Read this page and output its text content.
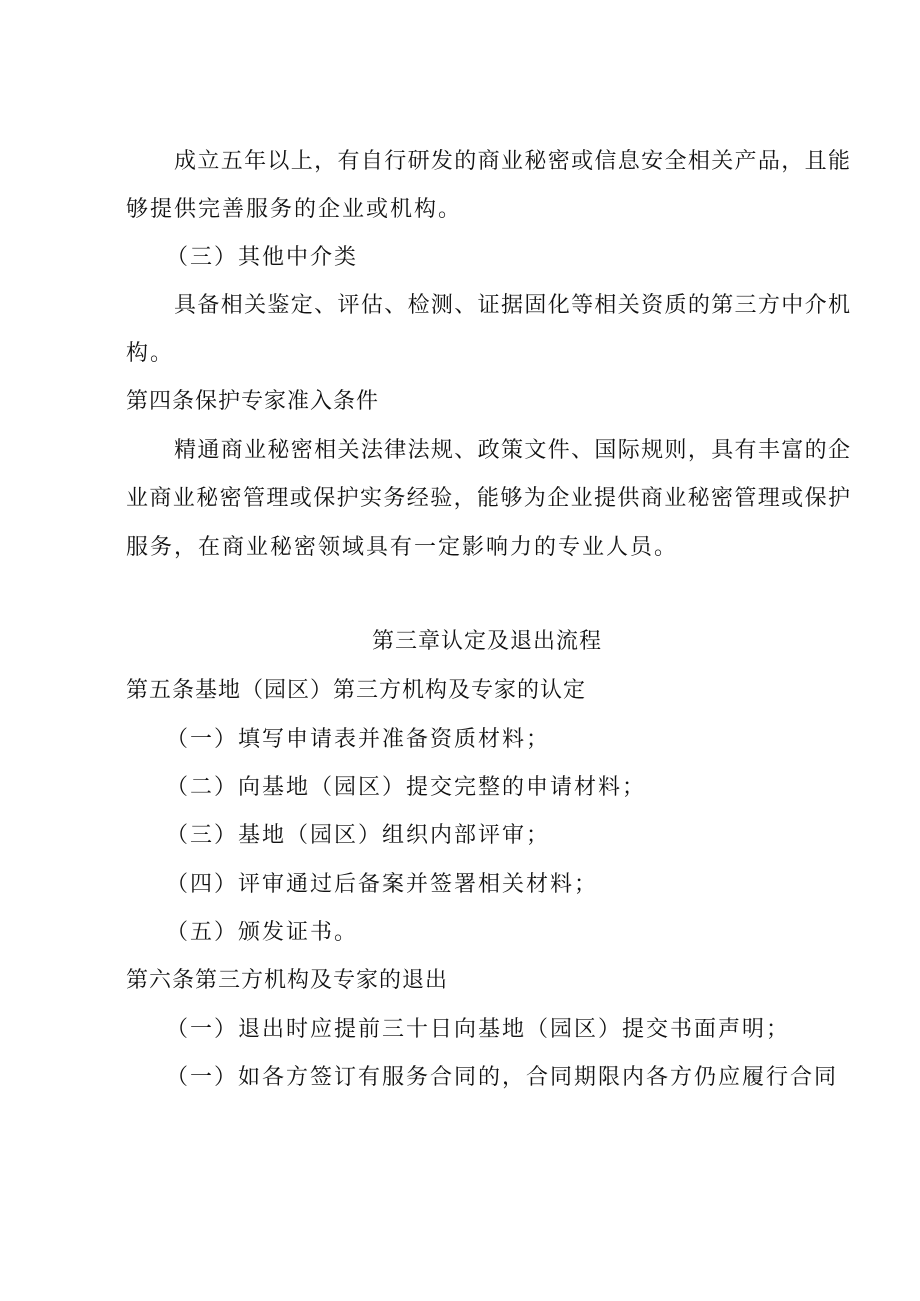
成立五年以上，有自行研发的商业秘密或信息安全相关产品，且能
够提供完善服务的企业或机构。
（三）其他中介类
具备相关鉴定、评估、检测、证据固化等相关资质的第三方中介机
构。
第四条保护专家准入条件
精通商业秘密相关法律法规、政策文件、国际规则，具有丰富的企
业商业秘密管理或保护实务经验，能够为企业提供商业秘密管理或保护
服务，在商业秘密领域具有一定影响力的专业人员。
第三章认定及退出流程
第五条基地（园区）第三方机构及专家的认定
（一）填写申请表并准备资质材料；
（二）向基地（园区）提交完整的申请材料；
（三）基地（园区）组织内部评审；
（四）评审通过后备案并签署相关材料；
（五）颁发证书。
第六条第三方机构及专家的退出
（一）退出时应提前三十日向基地（园区）提交书面声明；
（一）如各方签订有服务合同的，合同期限内各方仍应履行合同
